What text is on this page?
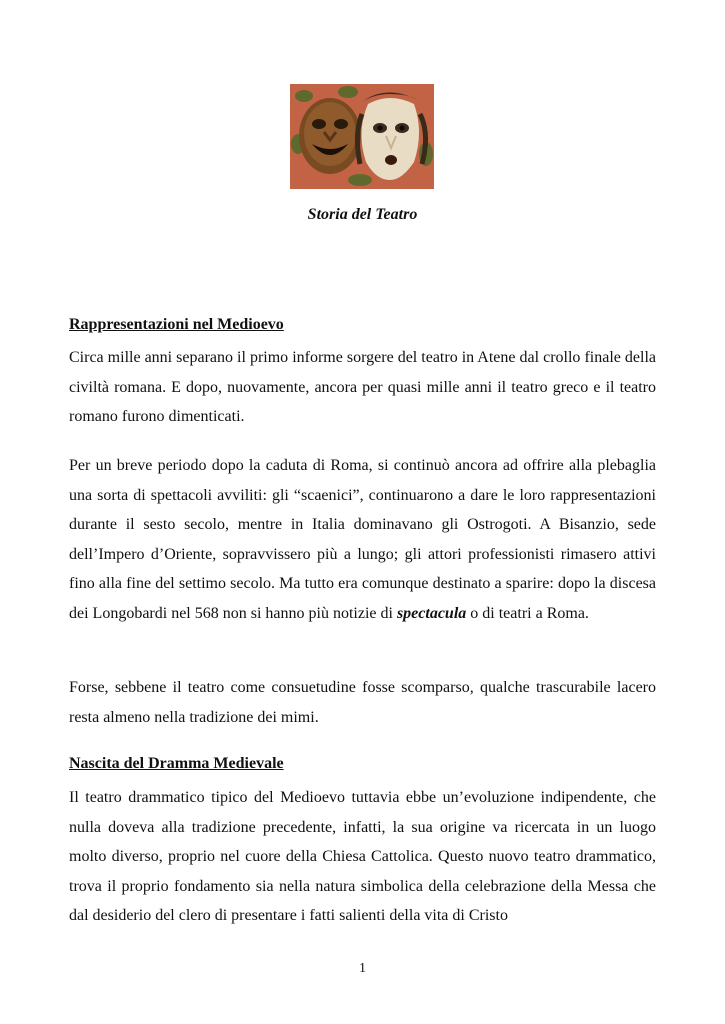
Storia del Teatro
Rappresentazioni nel Medioevo

Circa mille anni separano il primo informe sorgere del teatro in Atene dal crollo finale della civiltà romana. E dopo, nuovamente, ancora per quasi mille anni il teatro greco e il teatro romano furono dimenticati.

Per un breve periodo dopo la caduta di Roma, si continuò ancora ad offrire alla plebaglia una sorta di spettacoli avviliti: gli “scaenici”, continuarono a dare le loro rappresentazioni durante il sesto secolo, mentre in Italia dominavano gli Ostrogoti. A Bisanzio, sede dell’Impero d’Oriente, sopravvissero più a lungo; gli attori professionisti rimasero attivi fino alla fine del settimo secolo. Ma tutto era comunque destinato a sparire: dopo la discesa dei Longobardi nel 568 non si hanno più notizie di spectacula o di teatri a Roma.

Forse, sebbene il teatro come consuetudine fosse scomparso, qualche trascurabile lacero resta almeno nella tradizione dei mimi.

Nascita del Dramma Medievale

Il teatro drammatico tipico del Medioevo tuttavia ebbe un’evoluzione indipendente, che nulla doveva alla tradizione precedente, infatti, la sua origine va ricercata in un luogo molto diverso, proprio nel cuore della Chiesa Cattolica. Questo nuovo teatro drammatico, trova il proprio fondamento sia nella natura simbolica della celebrazione della Messa che dal desiderio del clero di presentare i fatti salienti della vita di Cristo

1
